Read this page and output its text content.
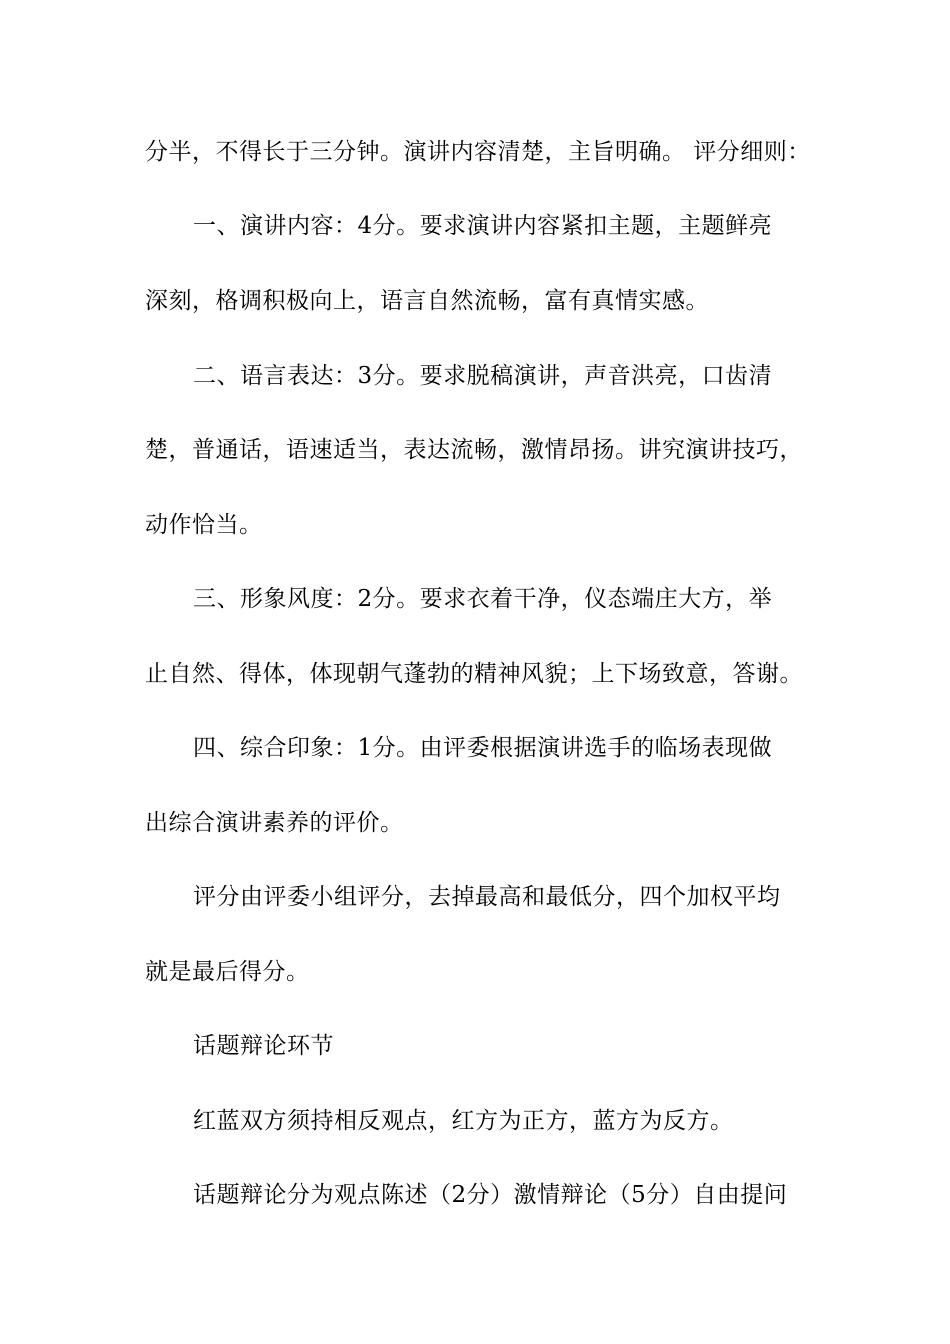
分半，不得长于三分钟。演讲内容清楚，主旨明确。 评分细则：
一、演讲内容：4分。要求演讲内容紧扣主题，主题鲜亮
深刻，格调积极向上，语言自然流畅，富有真情实感。
二、语言表达：3分。要求脱稿演讲，声音洪亮，口齿清
楚，普通话，语速适当，表达流畅，激情昂扬。讲究演讲技巧，
动作恰当。
三、形象风度：2分。要求衣着干净，仪态端庄大方，举
止自然、得体，体现朝气蓬勃的精神风貌；上下场致意，答谢。
四、综合印象：1分。由评委根据演讲选手的临场表现做
出综合演讲素养的评价。
评分由评委小组评分，去掉最高和最低分，四个加权平均
就是最后得分。
话题辩论环节
红蓝双方须持相反观点，红方为正方，蓝方为反方。
话题辩论分为观点陈述（2分）激情辩论（5分）自由提问
